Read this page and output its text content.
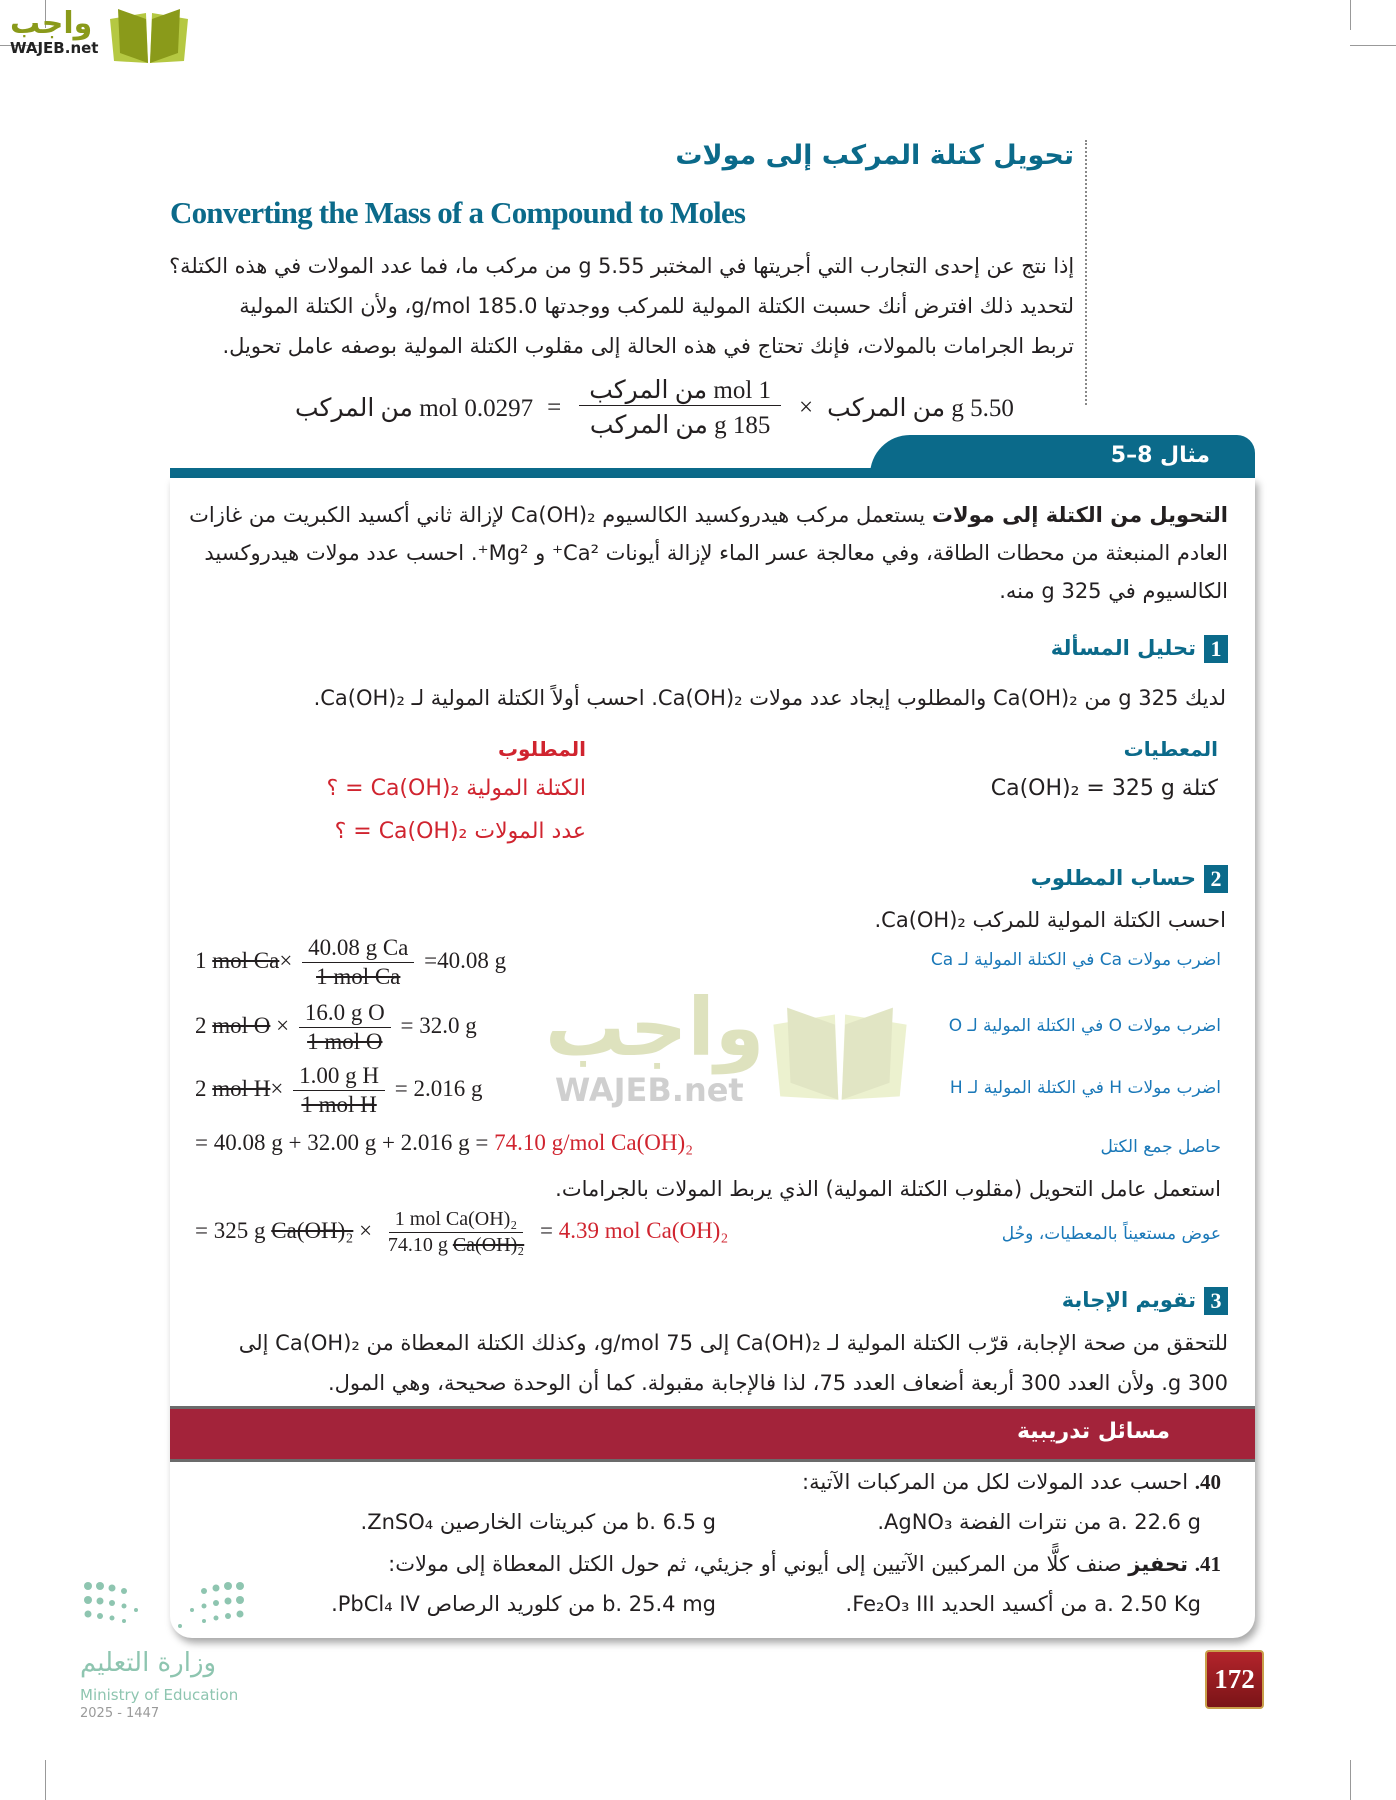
واجب
WAJEB.net
تحويل كتلة المركب إلى مولات
Converting the Mass of a Compound to Moles
إذا نتج عن إحدى التجارب التي أجريتها في المختبر 5.55 g من مركب ما، فما عدد المولات في هذه الكتلة؟
لتحديد ذلك افترض أنك حسبت الكتلة المولية للمركب ووجدتها 185.0 g/mol، ولأن الكتلة المولية
تربط الجرامات بالمولات، فإنك تحتاج في هذه الحالة إلى مقلوب الكتلة المولية بوصفه عامل تحويل.
5.50 g من المركب
×
$\frac{\text{1 mol من المركب}}{\text{185 g من المركب}}$
=
0.0297 mol من المركب
مثال 8–5
التحويل من الكتلة إلى مولات يستعمل مركب هيدروكسيد الكالسيوم Ca(OH)₂ لإزالة ثاني أكسيد الكبريت من غازات
العادم المنبعثة من محطات الطاقة، وفي معالجة عسر الماء لإزالة أيونات Ca²⁺ و Mg²⁺. احسب عدد مولات هيدروكسيد
الكالسيوم في 325 g منه.
1تحليل المسألة
لديك 325 g من Ca(OH)₂ والمطلوب إيجاد عدد مولات Ca(OH)₂. احسب أولاً الكتلة المولية لـ Ca(OH)₂.
المعطيات
كتلة Ca(OH)₂ = 325 g
المطلوب
الكتلة المولية Ca(OH)₂ = ؟
عدد المولات Ca(OH)₂ = ؟
واجب
WAJEB.net
2حساب المطلوب
احسب الكتلة المولية للمركب Ca(OH)₂.
اضرب مولات Ca في الكتلة المولية لـ Ca
1 mol $Ca\times \frac{\text{40.08 g Ca}}{\text{1 mol Ca}} =40.08$ g
اضرب مولات O في الكتلة المولية لـ O
2 mol $O \times \frac{\text{16.0 g O}}{\text{1 mol O}} = 32.0$ g
اضرب مولات H في الكتلة المولية لـ H
2 mol $H\times \frac{\text{1.00 g H}}{\text{1 mol H}} = 2.016$ g
حاصل جمع الكتل
= 40.08 g + 32.00 g + 2.016 g = 74.10 g/mol Ca(OH)₂
استعمل عامل التحويل (مقلوب الكتلة المولية) الذي يربط المولات بالجرامات.
عوض مستعيناً بالمعطيات، وحُل
= 325 g $Ca(OH)_2 \times \frac{\text{1 mol Ca(OH)₂}}{\text{74.10 g Ca(OH)₂}} = 4.39$ mol Ca(OH)₂
3تقويم الإجابة
للتحقق من صحة الإجابة، قرّب الكتلة المولية لـ Ca(OH)₂ إلى 75 g/mol، وكذلك الكتلة المعطاة من Ca(OH)₂ إلى
300 g. ولأن العدد 300 أربعة أضعاف العدد 75، لذا فالإجابة مقبولة. كما أن الوحدة صحيحة، وهي المول.
مسائل تدريبية
40. احسب عدد المولات لكل من المركبات الآتية:
a. 22.6 g من نترات الفضة AgNO₃.
b. 6.5 g من كبريتات الخارصين ZnSO₄.
41. تحفيز صنف كلًّا من المركبين الآتيين إلى أيوني أو جزيئي، ثم حول الكتل المعطاة إلى مولات:
a. 2.50 Kg من أكسيد الحديد Fe₂O₃ III.
b. 25.4 mg من كلوريد الرصاص PbCl₄ IV.
وزارة التعليم
Ministry of Education
2025 - 1447
172
